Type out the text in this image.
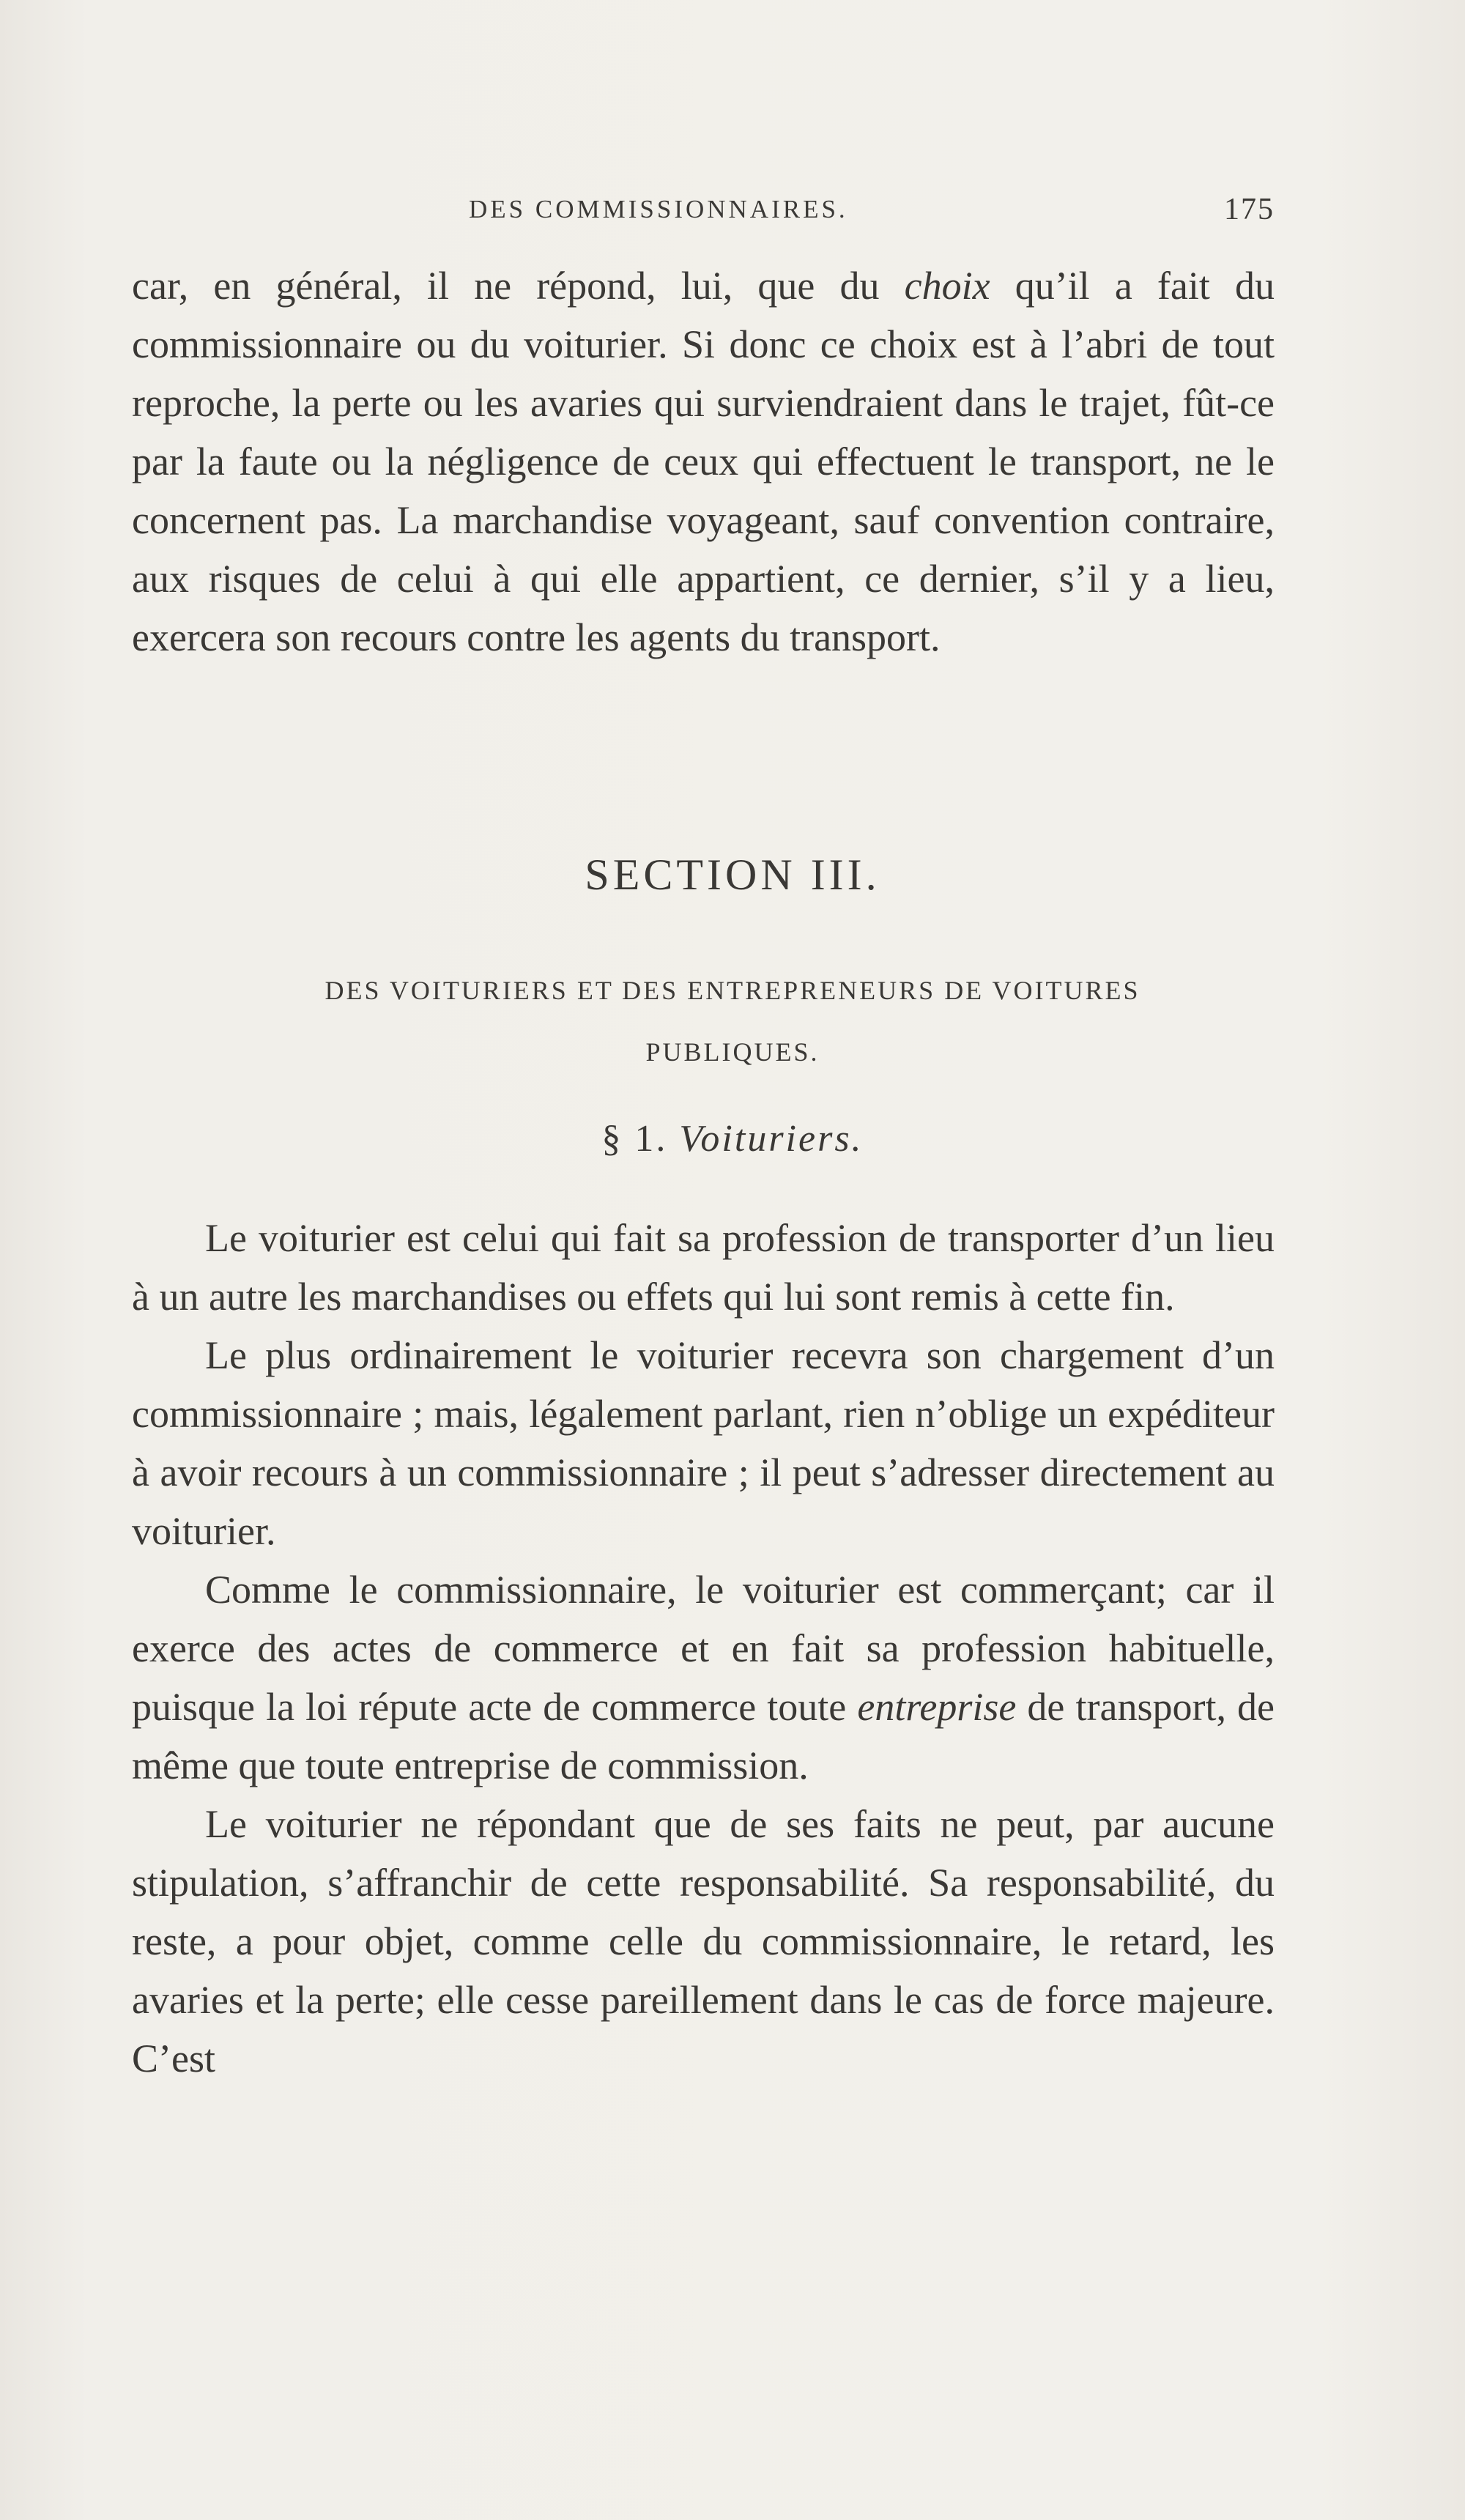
DES COMMISSIONNAIRES.	175

car, en général, il ne répond, lui, que du choix qu’il a fait du commissionnaire ou du voiturier. Si donc ce choix est à l’abri de tout reproche, la perte ou les avaries qui surviendraient dans le trajet, fût-ce par la faute ou la négligence de ceux qui effectuent le transport, ne le concernent pas. La marchandise voyageant, sauf convention contraire, aux risques de celui à qui elle appartient, ce dernier, s’il y a lieu, exercera son recours contre les agents du transport.

SECTION III.
DES VOITURIERS ET DES ENTREPRENEURS DE VOITURES
PUBLIQUES.
§ 1. Voituriers.

Le voiturier est celui qui fait sa profession de transporter d’un lieu à un autre les marchandises ou effets qui lui sont remis à cette fin.

Le plus ordinairement le voiturier recevra son chargement d’un commissionnaire ; mais, légalement parlant, rien n’oblige un expéditeur à avoir recours à un commissionnaire ; il peut s’adresser directement au voiturier.

Comme le commissionnaire, le voiturier est commerçant; car il exerce des actes de commerce et en fait sa profession habituelle, puisque la loi répute acte de commerce toute entreprise de transport, de même que toute entreprise de commission.

Le voiturier ne répondant que de ses faits ne peut, par aucune stipulation, s’affranchir de cette responsabilité. Sa responsabilité, du reste, a pour objet, comme celle du commissionnaire, le retard, les avaries et la perte; elle cesse pareillement dans le cas de force majeure. C’est
